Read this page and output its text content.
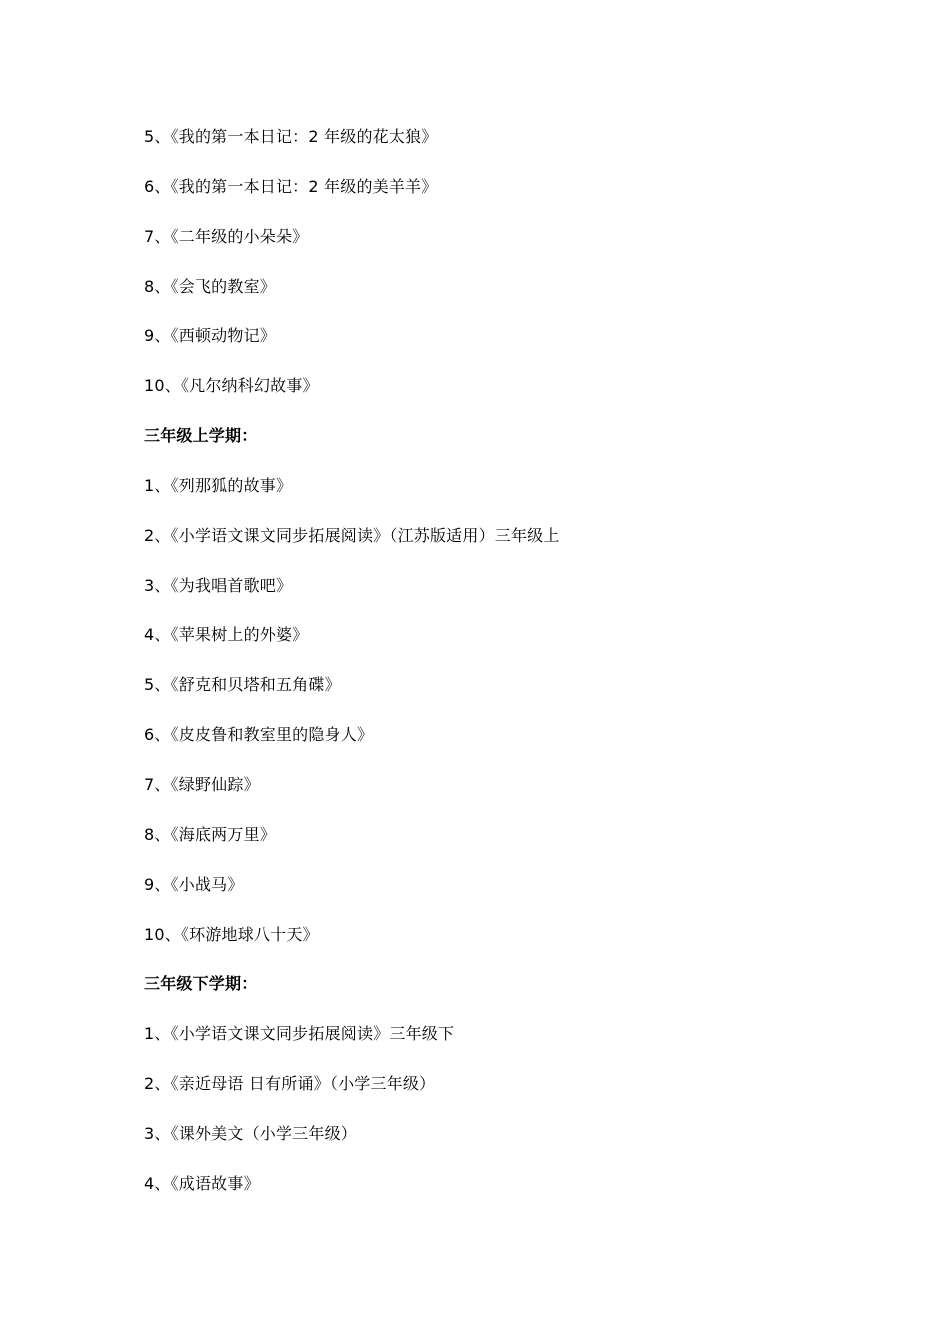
5、《我的第一本日记：2 年级的花太狼》
6、《我的第一本日记：2 年级的美羊羊》
7、《二年级的小朵朵》
8、《会飞的教室》
9、《西顿动物记》
10、《凡尔纳科幻故事》
三年级上学期：
1、《列那狐的故事》
2、《小学语文课文同步拓展阅读》（江苏版适用）三年级上
3、《为我唱首歌吧》
4、《苹果树上的外婆》
5、《舒克和贝塔和五角碟》
6、《皮皮鲁和教室里的隐身人》
7、《绿野仙踪》
8、《海底两万里》
9、《小战马》
10、《环游地球八十天》
三年级下学期：
1、《小学语文课文同步拓展阅读》三年级下
2、《亲近母语 日有所诵》（小学三年级）
3、《课外美文（小学三年级）
4、《成语故事》
